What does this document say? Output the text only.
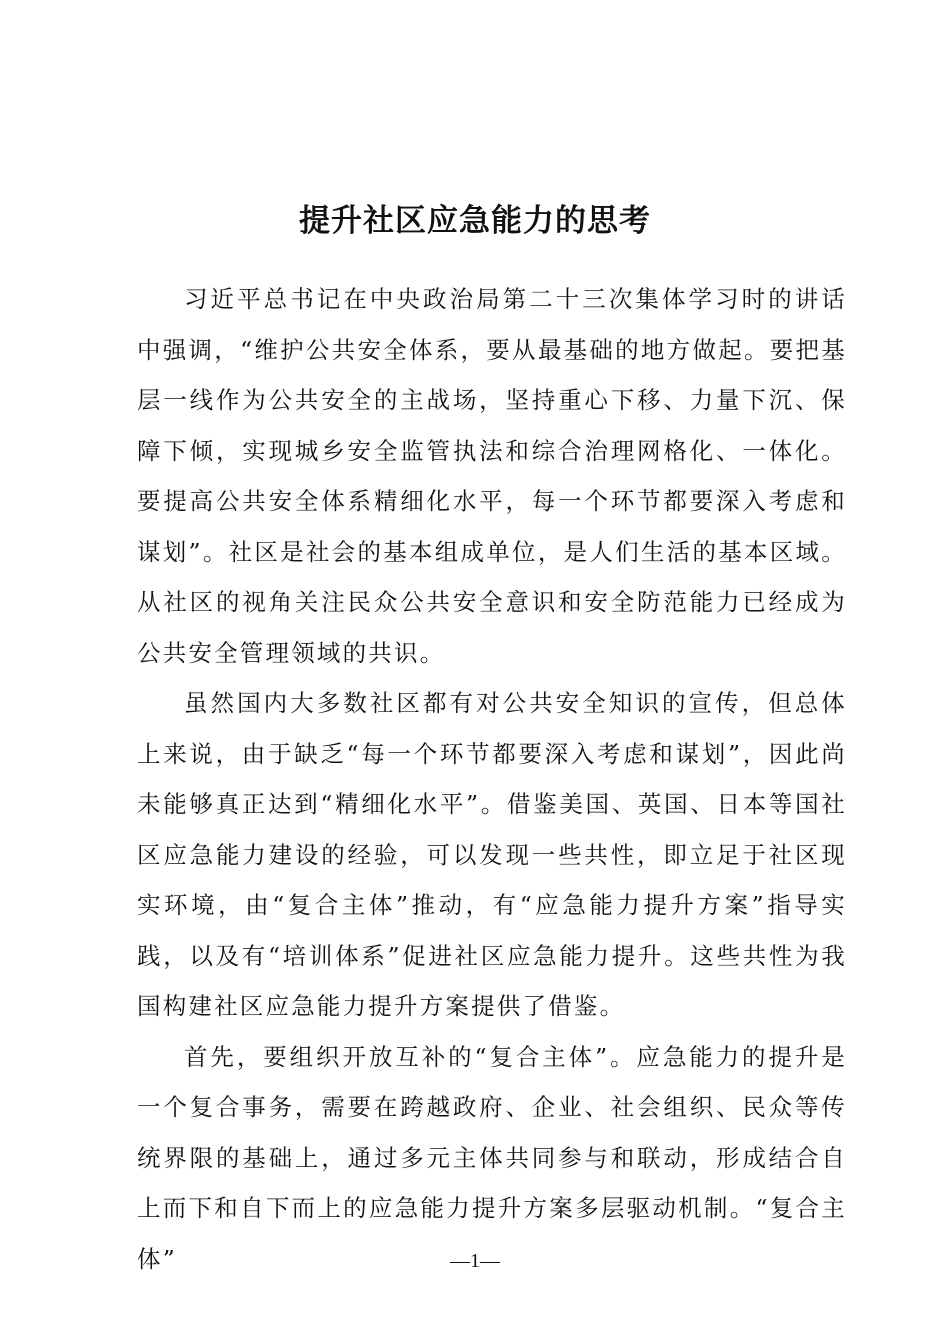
提升社区应急能力的思考

习近平总书记在中央政治局第二十三次集体学习时的讲话中强调，“维护公共安全体系，要从最基础的地方做起。要把基层一线作为公共安全的主战场，坚持重心下移、力量下沉、保障下倾，实现城乡安全监管执法和综合治理网格化、一体化。要提高公共安全体系精细化水平，每一个环节都要深入考虑和谋划”。社区是社会的基本组成单位，是人们生活的基本区域。从社区的视角关注民众公共安全意识和安全防范能力已经成为公共安全管理领域的共识。

虽然国内大多数社区都有对公共安全知识的宣传，但总体上来说，由于缺乏“每一个环节都要深入考虑和谋划”，因此尚未能够真正达到“精细化水平”。借鉴美国、英国、日本等国社区应急能力建设的经验，可以发现一些共性，即立足于社区现实环境，由“复合主体”推动，有“应急能力提升方案”指导实践，以及有“培训体系”促进社区应急能力提升。这些共性为我国构建社区应急能力提升方案提供了借鉴。

首先，要组织开放互补的“复合主体”。应急能力的提升是一个复合事务，需要在跨越政府、企业、社会组织、民众等传统界限的基础上，通过多元主体共同参与和联动，形成结合自上而下和自下而上的应急能力提升方案多层驱动机制。“复合主体”	—1—
